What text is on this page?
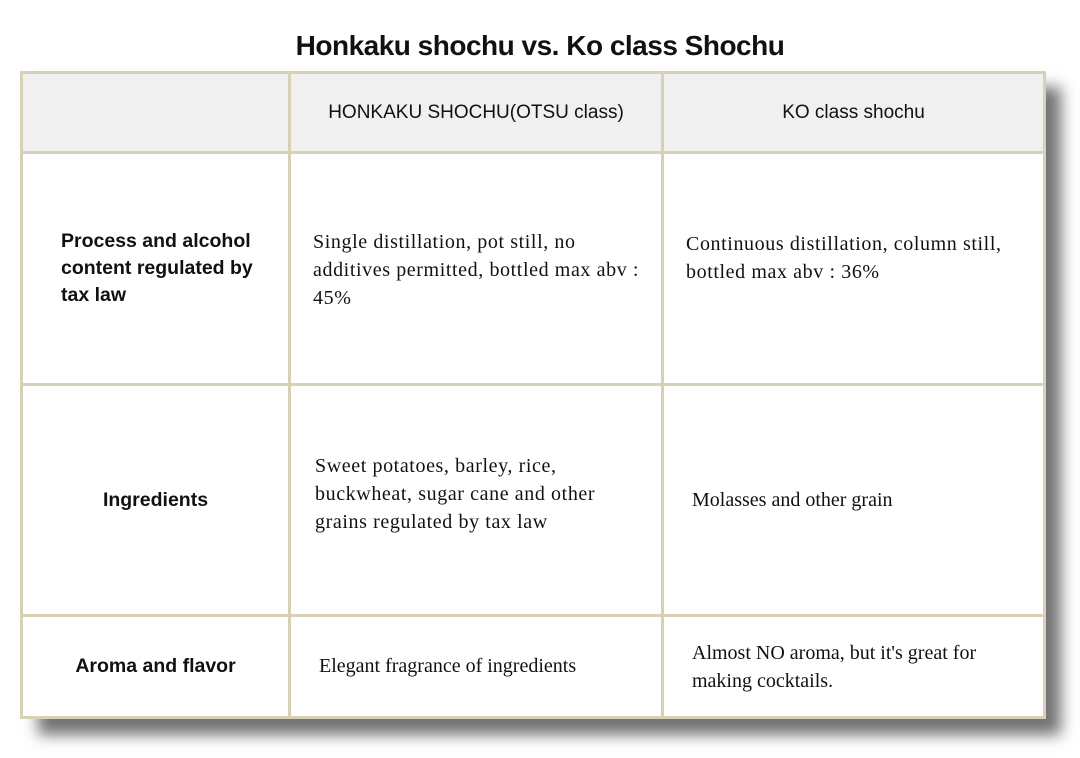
Honkaku shochu vs. Ko class Shochu
	HONKAKU SHOCHU(OTSU class)	KO class shochu
Process and alcohol content regulated by tax law	Single distillation, pot still, no additives permitted, bottled max abv : 45%	Continuous distillation, column still, bottled max abv : 36%
Ingredients	Sweet potatoes, barley, rice, buckwheat, sugar cane and other grains regulated by tax law	Molasses and other grain
Aroma and flavor	Elegant fragrance of ingredients	Almost NO aroma, but it's great for making cocktails.
